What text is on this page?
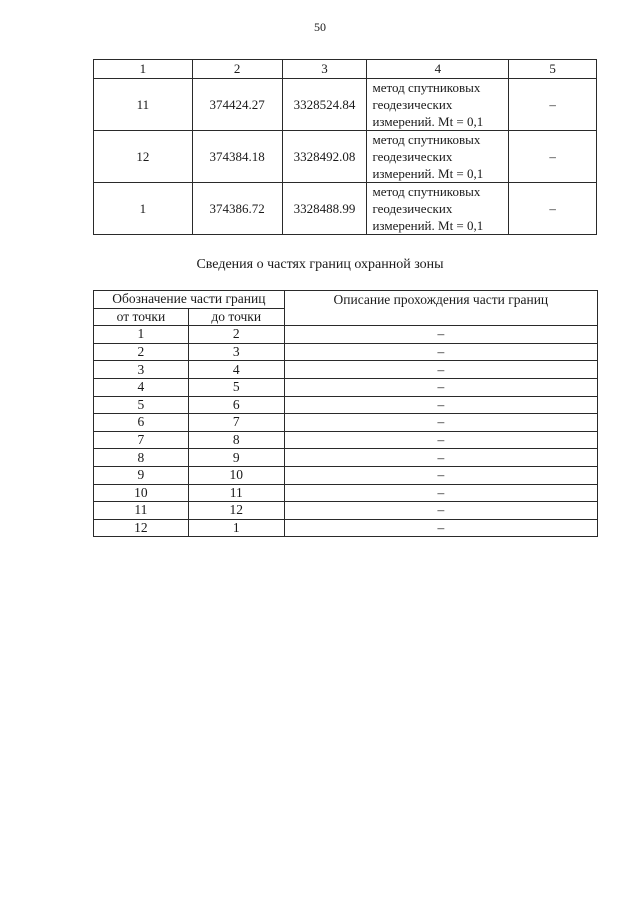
50
1	2	3	4	5
11	374424.27	3328524.84	метод спутниковых
геодезических
измерений. Mt = 0,1	–
12	374384.18	3328492.08	метод спутниковых
геодезических
измерений. Mt = 0,1	–
1	374386.72	3328488.99	метод спутниковых
геодезических
измерений. Mt = 0,1	–
Сведения о частях границ охранной зоны
Обозначение части границ		Описание прохождения части границ
от точки	до точки	
1	2	–
2	3	–
3	4	–
4	5	–
5	6	–
6	7	–
7	8	–
8	9	–
9	10	–
10	11	–
11	12	–
12	1	–
